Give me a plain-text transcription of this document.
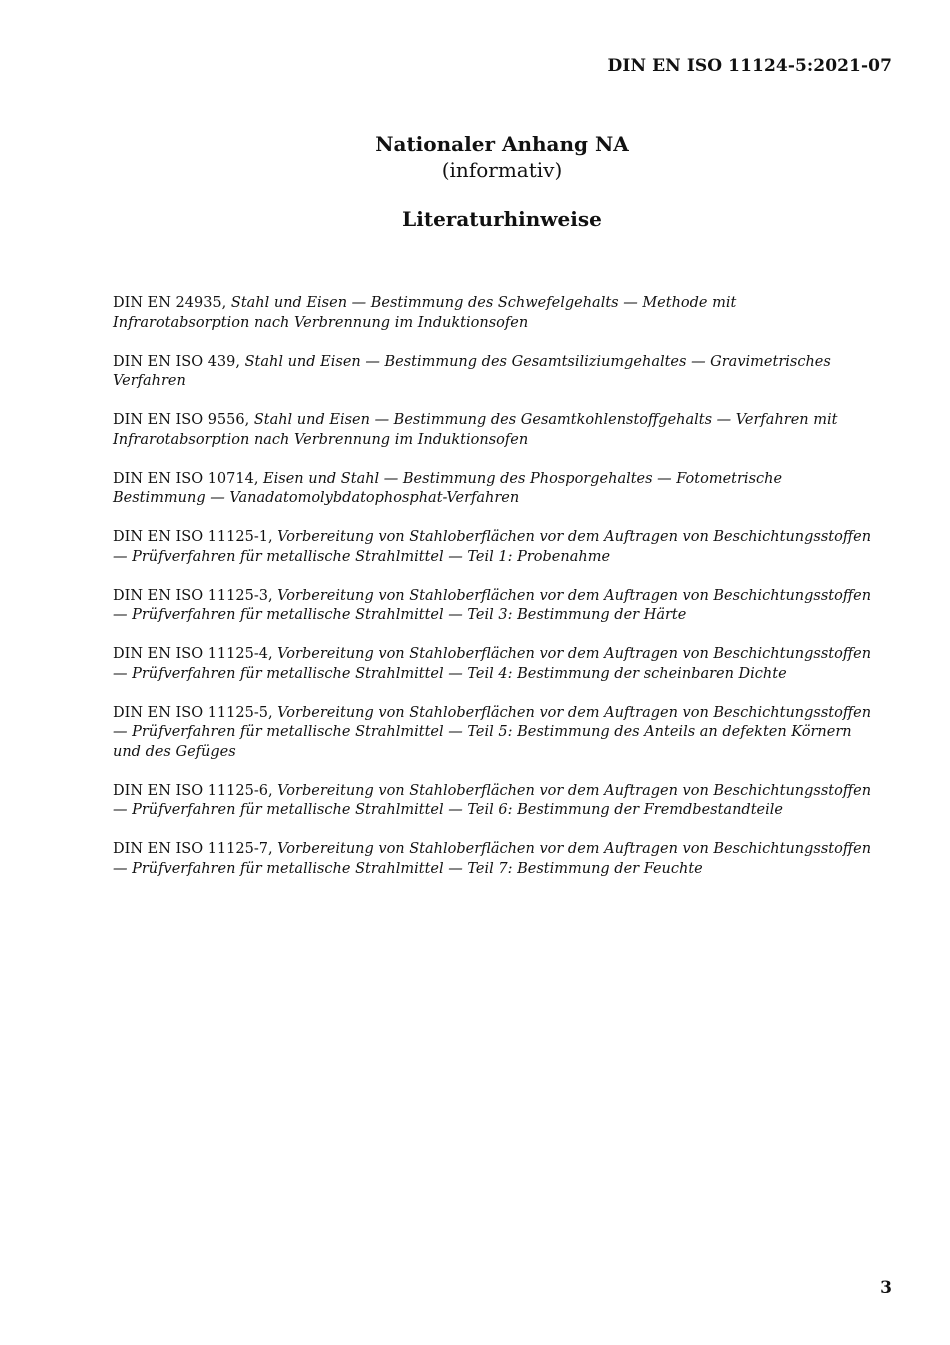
DIN EN ISO 11124-5:2021-07
Nationaler Anhang NA
(informativ)
Literaturhinweise
DIN EN 24935, Stahl und Eisen — Bestimmung des Schwefelgehalts — Methode mit Infrarotabsorption nach Verbrennung im Induktionsofen
DIN EN ISO 439, Stahl und Eisen — Bestimmung des Gesamtsiliziumgehaltes — Gravimetrisches Verfahren
DIN EN ISO 9556, Stahl und Eisen — Bestimmung des Gesamtkohlenstoffgehalts — Verfahren mit Infrarotabsorption nach Verbrennung im Induktionsofen
DIN EN ISO 10714, Eisen und Stahl — Bestimmung des Phosporgehaltes — Fotometrische Bestimmung — Vanadatomolybdatophosphat-Verfahren
DIN EN ISO 11125-1, Vorbereitung von Stahloberflächen vor dem Auftragen von Beschichtungsstoffen — Prüfverfahren für metallische Strahlmittel — Teil 1: Probenahme
DIN EN ISO 11125-3, Vorbereitung von Stahloberflächen vor dem Auftragen von Beschichtungsstoffen — Prüfverfahren für metallische Strahlmittel — Teil 3: Bestimmung der Härte
DIN EN ISO 11125-4, Vorbereitung von Stahloberflächen vor dem Auftragen von Beschichtungsstoffen — Prüfverfahren für metallische Strahlmittel — Teil 4: Bestimmung der scheinbaren Dichte
DIN EN ISO 11125-5, Vorbereitung von Stahloberflächen vor dem Auftragen von Beschichtungsstoffen — Prüfverfahren für metallische Strahlmittel — Teil 5: Bestimmung des Anteils an defekten Körnern und des Gefüges
DIN EN ISO 11125-6, Vorbereitung von Stahloberflächen vor dem Auftragen von Beschichtungsstoffen — Prüfverfahren für metallische Strahlmittel — Teil 6: Bestimmung der Fremdbestandteile
DIN EN ISO 11125-7, Vorbereitung von Stahloberflächen vor dem Auftragen von Beschichtungsstoffen — Prüfverfahren für metallische Strahlmittel — Teil 7: Bestimmung der Feuchte
3
